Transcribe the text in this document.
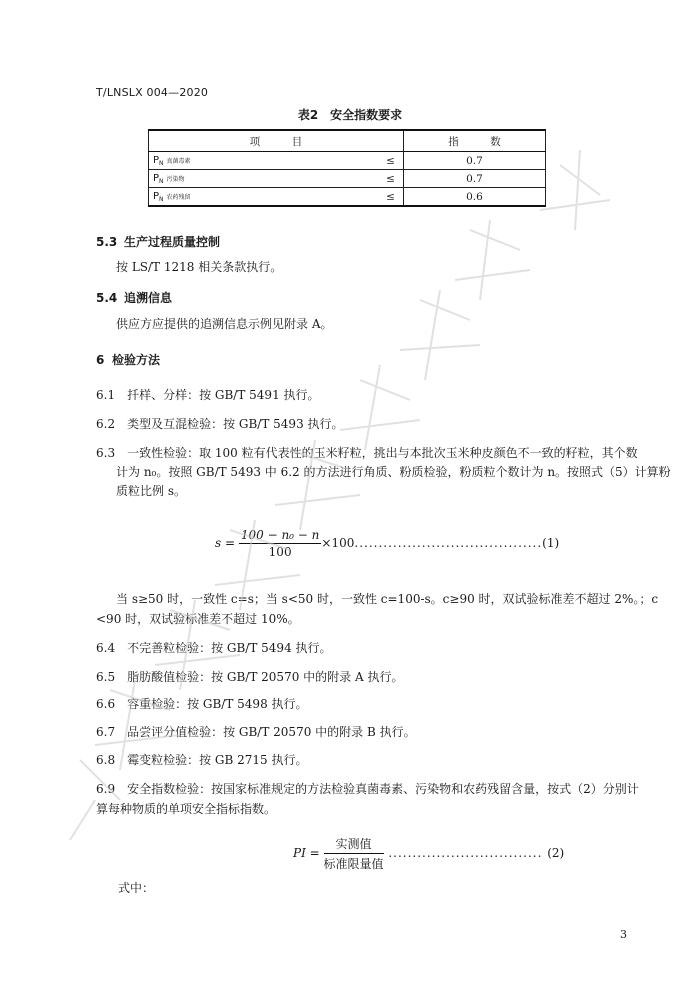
T/LNSLX 004—2020
表2　安全指数要求
项　　　目		指　　　数
$P_N$ 真菌毒素	≤	0.7
$P_N$ 污染物	≤	0.7
$P_N$ 农药残留	≤	0.6
5.3 生产过程质量控制
按 LS/T 1218 相关条款执行。
5.4 追溯信息
供应方应提供的追溯信息示例见附录 A。
6 检验方法
6.1　扦样、分样：按 GB/T 5491 执行。
6.2　类型及互混检验：按 GB/T 5493 执行。
6.3　一致性检验：取 100 粒有代表性的玉米籽粒，挑出与本批次玉米种皮颜色不一致的籽粒，其个数
计为 n₀。按照 GB/T 5493 中 6.2 的方法进行角质、粉质检验，粉质粒个数计为 n。按照式（5）计算粉
质粒比例 s。
$s = \frac{\text{100 − n₀ − n}}{100} \times 100.......................................(1)$
当 s≥50 时，一致性 c=s；当 s<50 时，一致性 c=100-s。c≥90 时，双试验标准差不超过 2%。；c
<90 时，双试验标准差不超过 10%。
6.4　不完善粒检验：按 GB/T 5494 执行。
6.5　脂肪酸值检验：按 GB/T 20570 中的附录 A 执行。
6.6　容重检验：按 GB/T 5498 执行。
6.7　品尝评分值检验：按 GB/T 20570 中的附录 B 执行。
6.8　霉变粒检验：按 GB 2715 执行。
6.9　安全指数检验：按国家标准规定的方法检验真菌毒素、污染物和农药残留含量，按式（2）分别计
算每种物质的单项安全指标指数。
PI = $\frac{\text{实测值}}{\text{标准限量值}}$ ................................ (2)
式中：
3
